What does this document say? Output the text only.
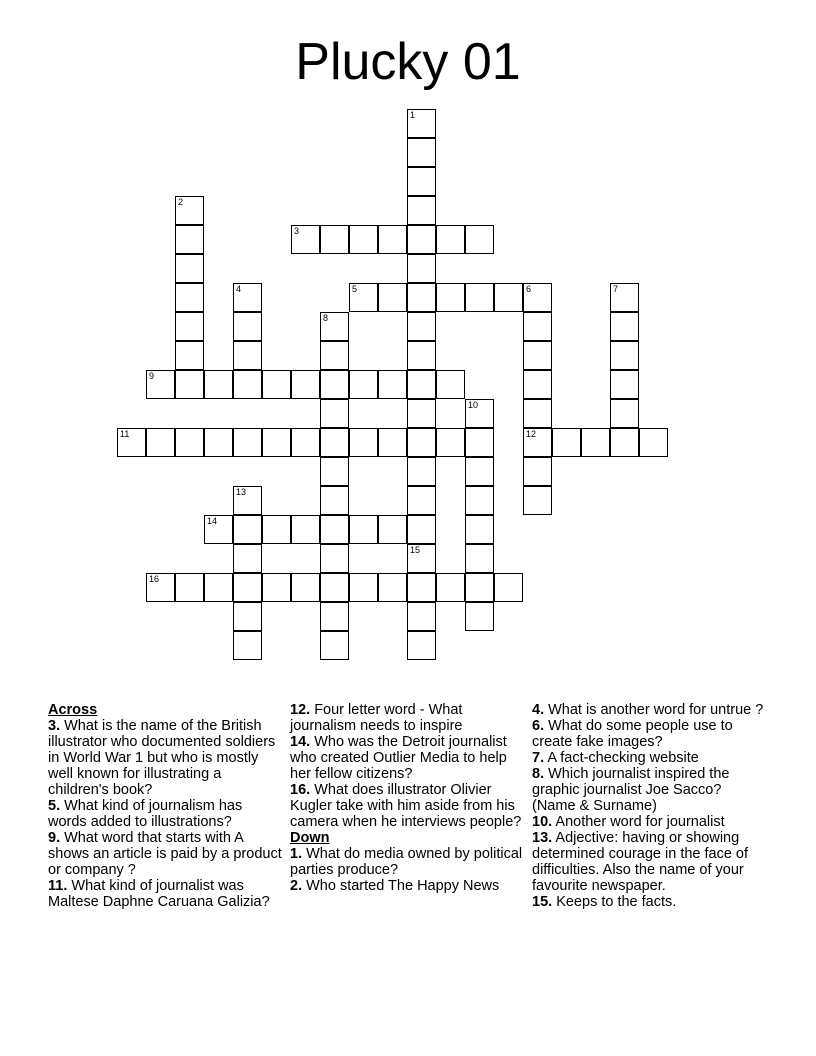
Plucky 01
1
15
2
3
4	5	6
12
7
8
9
10
11
13
14
16

Across

3. What is the name of the British illustrator who documented soldiers in World War 1 but who is mostly well known for illustrating a children's book?

5. What kind of journalism has words added to illustrations?

9. What word that starts with A shows an article is paid by a product or company ?

11. What kind of journalist was Maltese Daphne Caruana Galizia?

12. Four letter word - What journalism needs to inspire

14. Who was the Detroit journalist who created Outlier Media to help her fellow citizens?

16. What does illustrator Olivier Kugler take with him aside from his camera when he interviews people?

Down

1. What do media owned by political parties produce?

2. Who started The Happy News

4. What is another word for untrue ?

6. What do some people use to create fake images?

7. A fact-checking website

8. Which journalist inspired the graphic journalist Joe Sacco? (Name & Surname)

10. Another word for journalist

13. Adjective: having or showing determined courage in the face of difficulties. Also the name of your favourite newspaper.

15. Keeps to the facts.
